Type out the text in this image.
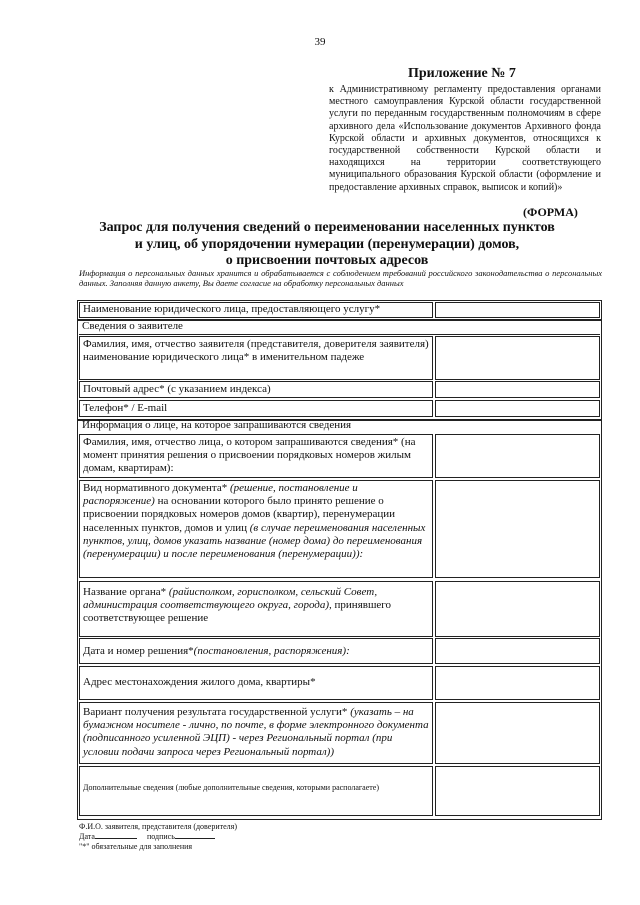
39
Приложение № 7
к Административному регламенту предоставления органами местного самоуправления Курской области государственной услуги по переданным государственным полномочиям в сфере архивного дела «Использование документов Архивного фонда Курской области и архивных документов, относящихся к государственной собственности Курской области и находящихся на территории соответствующего муниципального образования Курской области (оформление и предоставление архивных справок, выписок и копий)»
(ФОРМА)
Запрос для получения сведений о переименовании населенных пунктов
и улиц, об упорядочении нумерации (перенумерации) домов,
о присвоении почтовых адресов
Информация о персональных данных хранится и обрабатывается с соблюдением требований российского законодательства о персональных данных. Заполняя данную анкету, Вы даете согласие на обработку персональных данных
Наименование юридического лица, предоставляющего услугу*
Сведения о заявителе
Фамилия, имя, отчество заявителя (представителя, доверителя заявителя) наименование юридического лица* в именительном падеже
Почтовый адрес* (с указанием индекса)
Телефон* / E-mail
Информация о лице, на которое запрашиваются сведения
Фамилия, имя, отчество лица, о котором запрашиваются сведения* (на момент принятия решения о присвоении порядковых номеров жилым домам, квартирам):
Вид нормативного документа* (решение, постановление и распоряжение) на основании которого было принято решение о присвоении порядковых номеров домов (квартир), перенумерации населенных пунктов, домов и улиц (в случае переименования населенных пунктов, улиц, домов указать название (номер дома) до переименования (перенумерации) и после переименования (перенумерации)):
Название органа* (райисполком, горисполком, сельский Совет, администрация соответствующего округа, города), принявшего соответствующее решение
Дата и номер решения*(постановления, распоряжения):
Адрес местонахождения жилого дома, квартиры*
Вариант получения результата государственной услуги* (указать – на бумажном носителе - лично, по почте, в форме электронного документа (подписанного усиленной ЭЦП) - через Региональный портал (при условии подачи запроса через Региональный портал))
Дополнительные сведения (любые дополнительные сведения, которыми располагаете)
Ф.И.О. заявителя, представителя (доверителя)
Дата	подпись
"*" обязательные для заполнения
